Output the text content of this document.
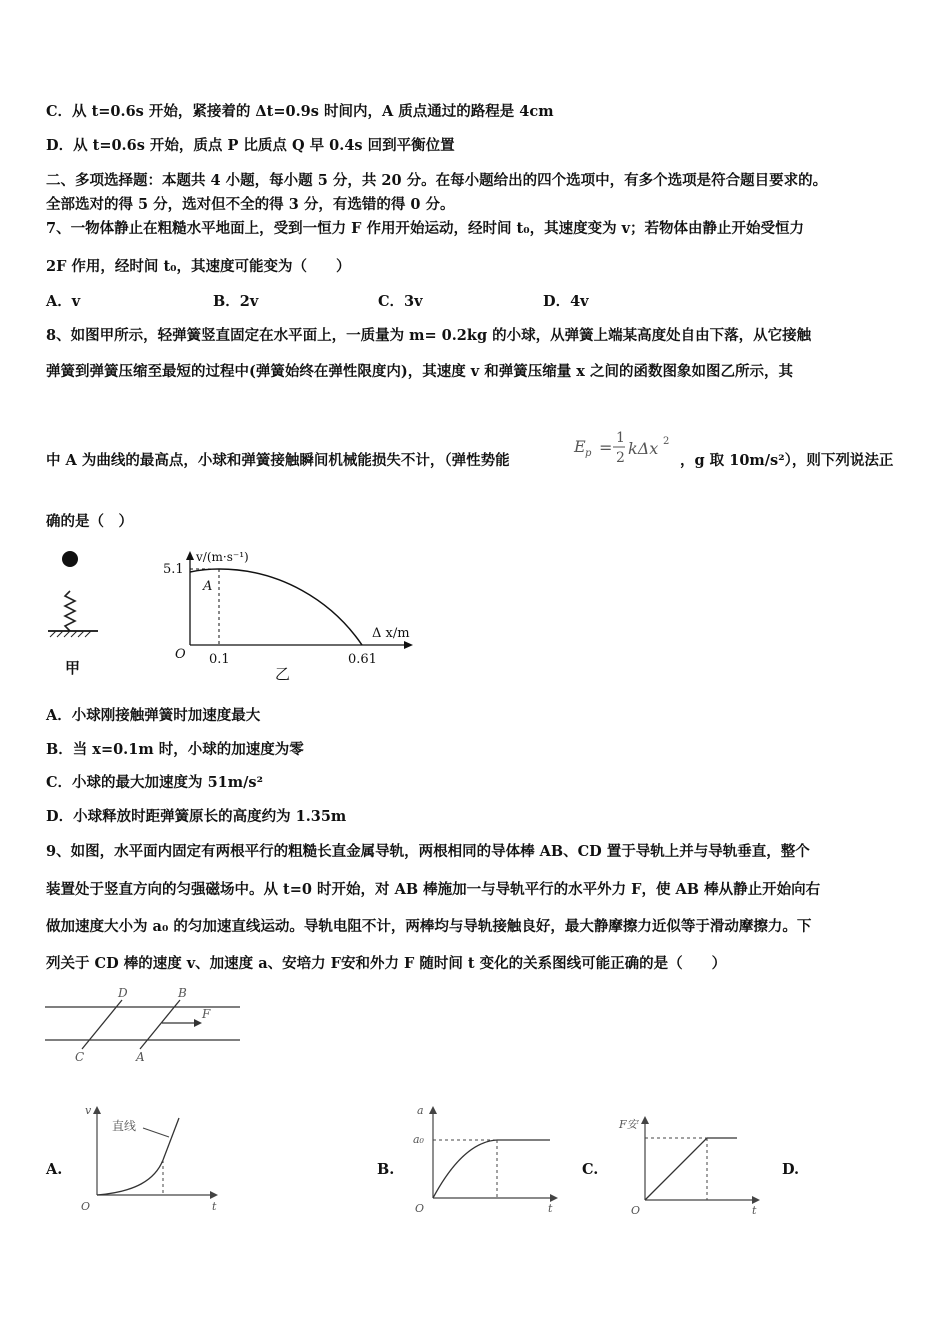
C．从 t=0.6s 开始，紧接着的 Δt=0.9s 时间内，A 质点通过的路程是 4cm
D．从 t=0.6s 开始，质点 P 比质点 Q 早 0.4s 回到平衡位置
二、多项选择题：本题共 4 小题，每小题 5 分，共 20 分。在每小题给出的四个选项中，有多个选项是符合题目要求的。
全部选对的得 5 分，选对但不全的得 3 分，有选错的得 0 分。
7、一物体静止在粗糙水平地面上，受到一恒力 F 作用开始运动，经时间 t₀，其速度变为 v；若物体由静止开始受恒力
2F 作用，经时间 t₀，其速度可能变为（　　）
A．v	B．2v	C．3v	D．4v
8、如图甲所示，轻弹簧竖直固定在水平面上，一质量为 m= 0.2kg 的小球，从弹簧上端某高度处自由下落，从它接触
弹簧到弹簧压缩至最短的过程中(弹簧始终在弹性限度内)，其速度 v 和弹簧压缩量 x 之间的函数图象如图乙所示，其
中 A 为曲线的最高点，小球和弹簧接触瞬间机械能损失不计，（弹性势能
E p = 1
2 kΔx 2
，g 取 10m/s²），则下列说法正
确的是（　）
甲
v/(m·s⁻¹)
5.1
A
O 0.1	0.61
Δ x/m
乙
A．小球刚接触弹簧时加速度最大
B．当 x=0.1m 时，小球的加速度为零
C．小球的最大加速度为 51m/s²
D．小球释放时距弹簧原长的高度约为 1.35m
9、如图，水平面内固定有两根平行的粗糙长直金属导轨，两根相同的导体棒 AB、CD 置于导轨上并与导轨垂直，整个
装置处于竖直方向的匀强磁场中。从 t=0 时开始，对 AB 棒施加一与导轨平行的水平外力 F，使 AB 棒从静止开始向右
做加速度大小为 a₀ 的匀加速直线运动。导轨电阻不计，两棒均与导轨接触良好，最大静摩擦力近似等于滑动摩擦力。下
列关于 CD 棒的速度 v、加速度 a、安培力 F安和外力 F 随时间 t 变化的关系图线可能正确的是（　　）
D	B
C	A
F
A.	B.	C.	D.
v
t
O
直线
a
t
O
a₀
F安
t
O
